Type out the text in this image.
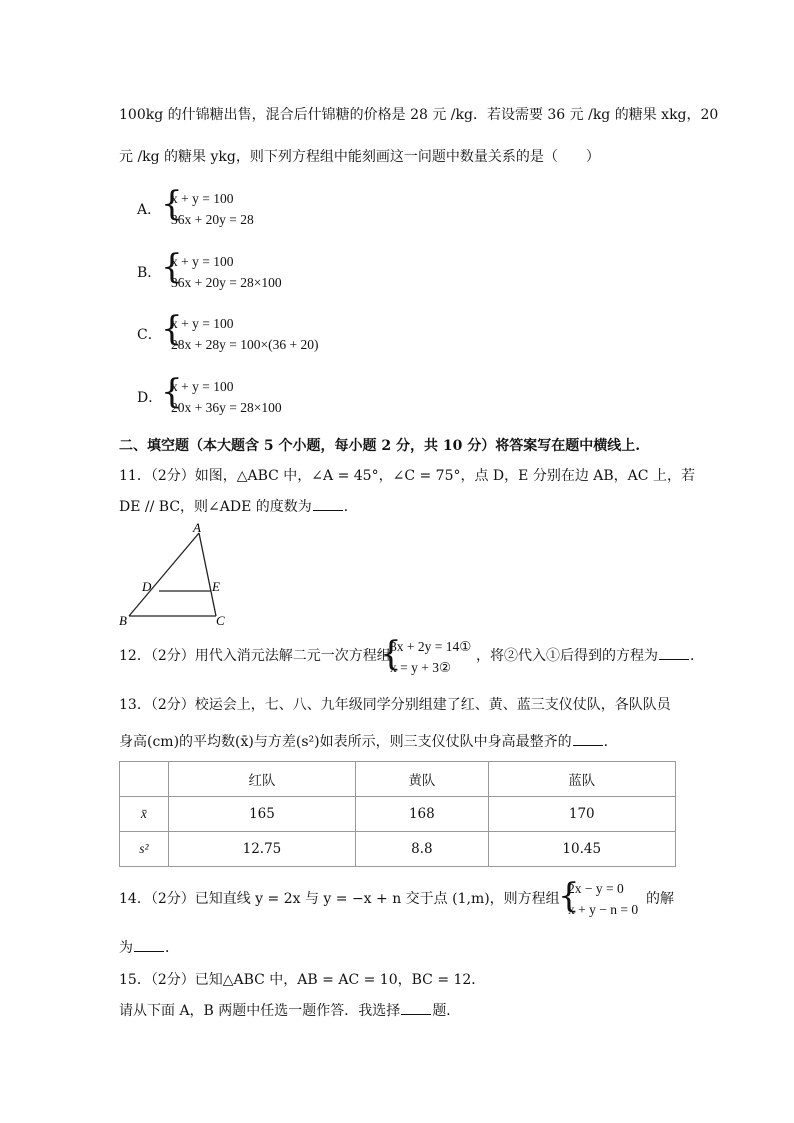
100kg 的什锦糖出售，混合后什锦糖的价格是 28 元 /kg．若设需要 36 元 /kg 的糖果 xkg，20
元 /kg 的糖果 ykg，则下列方程组中能刻画这一问题中数量关系的是（　　）
A． {
x + y = 100
36x + 20y = 28
B． {
x + y = 100
36x + 20y = 28×100
C． {
x + y = 100
28x + 28y = 100×(36 + 20)
D．
{
x + y = 100
20x + 36y = 28×100
二、填空题（本大题含 5 个小题，每小题 2 分，共 10 分）将答案写在题中横线上.
11．（2分）如图，△ABC 中，∠A = 45°，∠C = 75°，点 D，E 分别在边 AB，AC 上，若
DE // BC，则∠ADE 的度数为 ．
A
D	E
B	C
12．（2分）用代入消元法解二元一次方程组
{
3x + 2y = 14①
x = y + 3②
，将②代入①后得到的方程为 ．
13．（2分）校运会上，七、八、九年级同学分别组建了红、黄、蓝三支仪仗队，各队队员
身高(cm)的平均数(x̄)与方差(s²)如表所示，则三支仪仗队中身高最整齐的 ．
	红队	黄队	蓝队
x̄	165	168	170
s²	12.75	8.8	10.45
14．（2分）已知直线 y = 2x 与 y = −x + n 交于点 (1,m)，则方程组
{
2x − y = 0
x + y − n = 0
的解
为 ．
15．（2分）已知△ABC 中，AB = AC = 10，BC = 12．
请从下面 A，B 两题中任选一题作答．我选择 题．
